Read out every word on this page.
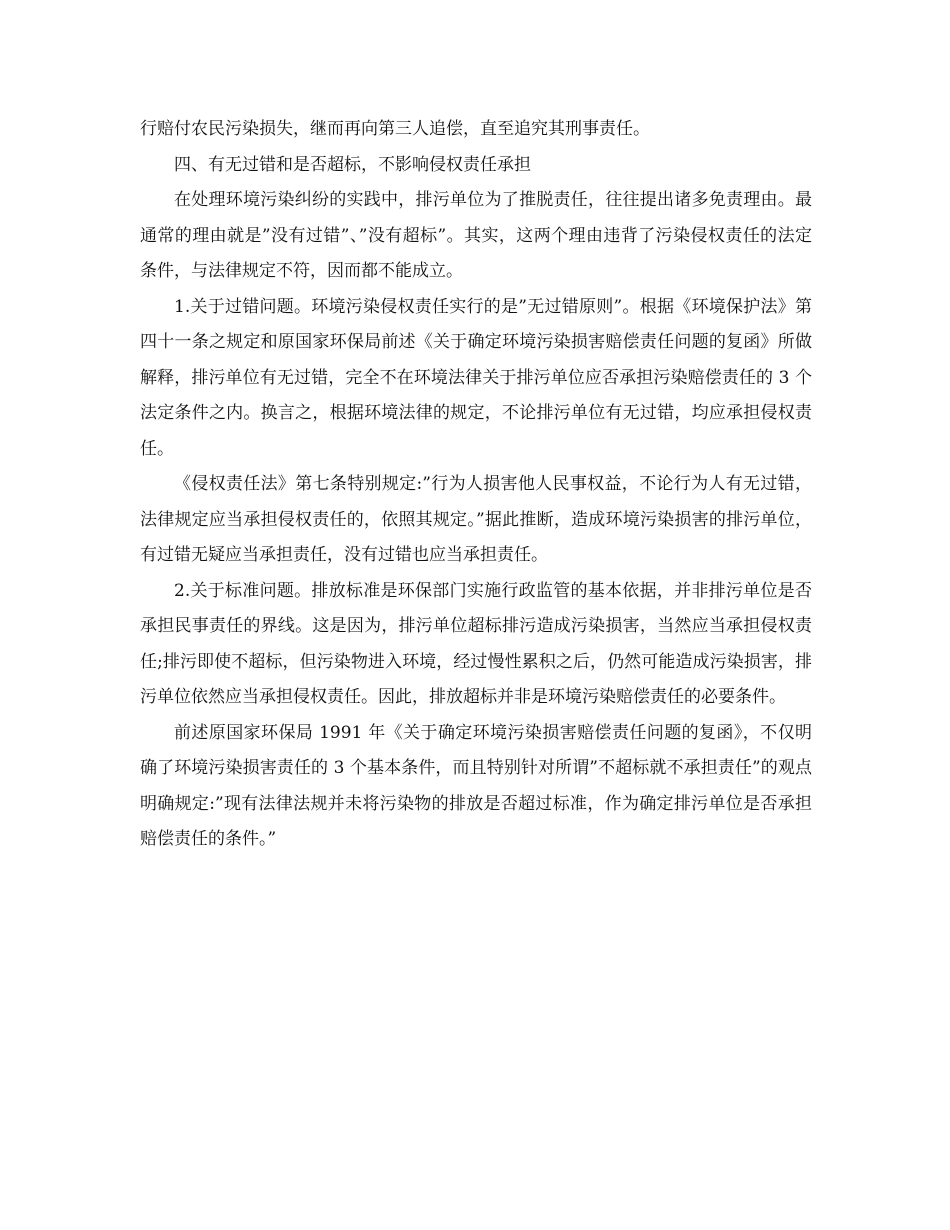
行赔付农民污染损失，继而再向第三人追偿，直至追究其刑事责任。

四、有无过错和是否超标，不影响侵权责任承担

在处理环境污染纠纷的实践中，排污单位为了推脱责任，往往提出诸多免责理由。最通常的理由就是”没有过错”、”没有超标”。其实，这两个理由违背了污染侵权责任的法定条件，与法律规定不符，因而都不能成立。

1.关于过错问题。环境污染侵权责任实行的是”无过错原则”。根据《环境保护法》第四十一条之规定和原国家环保局前述《关于确定环境污染损害赔偿责任问题的复函》所做解释，排污单位有无过错，完全不在环境法律关于排污单位应否承担污染赔偿责任的 3 个法定条件之内。换言之，根据环境法律的规定，不论排污单位有无过错，均应承担侵权责任。

《侵权责任法》第七条特别规定:”行为人损害他人民事权益，不论行为人有无过错，法律规定应当承担侵权责任的，依照其规定。”据此推断，造成环境污染损害的排污单位，有过错无疑应当承担责任，没有过错也应当承担责任。

2.关于标准问题。排放标准是环保部门实施行政监管的基本依据，并非排污单位是否承担民事责任的界线。这是因为，排污单位超标排污造成污染损害，当然应当承担侵权责任;排污即使不超标，但污染物进入环境，经过慢性累积之后，仍然可能造成污染损害，排污单位依然应当承担侵权责任。因此，排放超标并非是环境污染赔偿责任的必要条件。

前述原国家环保局 1991 年《关于确定环境污染损害赔偿责任问题的复函》，不仅明确了环境污染损害责任的 3 个基本条件，而且特别针对所谓”不超标就不承担责任”的观点明确规定:”现有法律法规并未将污染物的排放是否超过标准，作为确定排污单位是否承担赔偿责任的条件。”
